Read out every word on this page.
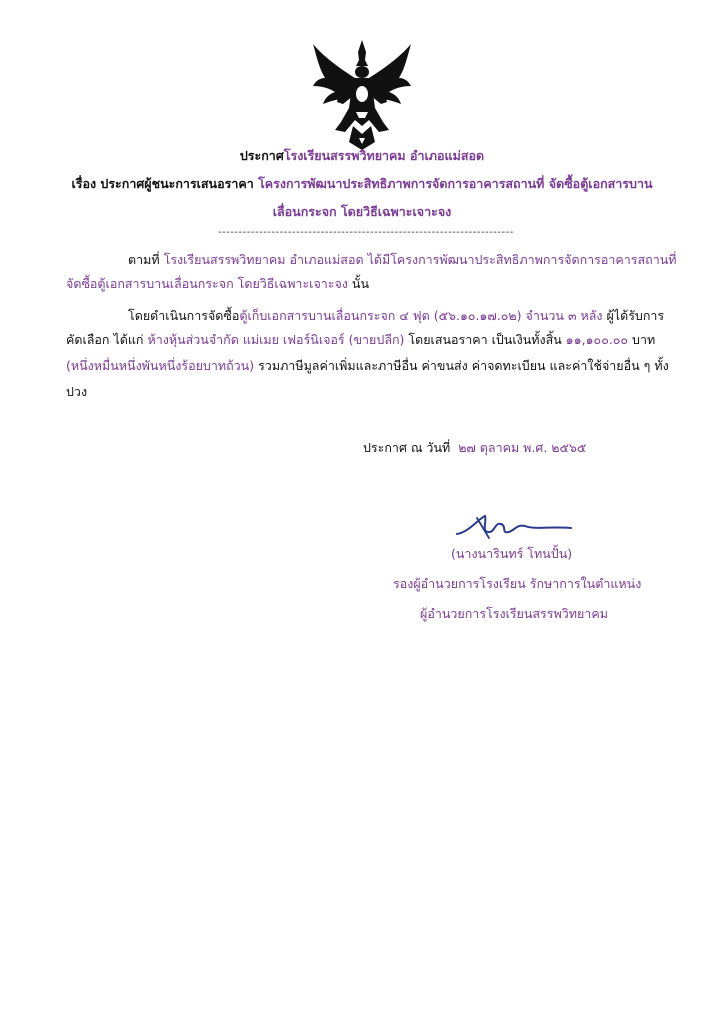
ประกาศโรงเรียนสรรพวิทยาคม อำเภอแม่สอด
เรื่อง ประกาศผู้ชนะการเสนอราคา โครงการพัฒนาประสิทธิภาพการจัดการอาคารสถานที่ จัดซื้อตู้เอกสารบาน
เลื่อนกระจก โดยวิธีเฉพาะเจาะจง
------------------------------------------------------------------------
ตามที่ โรงเรียนสรรพวิทยาคม อำเภอแม่สอด ได้มีโครงการพัฒนาประสิทธิภาพการจัดการอาคารสถานที่
จัดซื้อตู้เอกสารบานเลื่อนกระจก โดยวิธีเฉพาะเจาะจง นั้น
โดยดำเนินการจัดซื้อตู้เก็บเอกสารบานเลื่อนกระจก ๔ ฟุต (๕๖.๑๐.๑๗.๐๒) จำนวน ๓ หลัง ผู้ได้รับการ
คัดเลือก ได้แก่ ห้างหุ้นส่วนจำกัด แม่เมย เฟอร์นิเจอร์ (ขายปลีก) โดยเสนอราคา เป็นเงินทั้งสิ้น ๑๑,๑๐๐.๐๐ บาท
(หนึ่งหมื่นหนึ่งพันหนึ่งร้อยบาทถ้วน) รวมภาษีมูลค่าเพิ่มและภาษีอื่น ค่าขนส่ง ค่าจดทะเบียน และค่าใช้จ่ายอื่น ๆ ทั้ง
ปวง
ประกาศ ณ วันที่ ๒๗ ตุลาคม พ.ศ. ๒๕๖๕
(นางนารินทร์ โทนปั้น)
รองผู้อำนวยการโรงเรียน รักษาการในตำแหน่ง
ผู้อำนวยการโรงเรียนสรรพวิทยาคม
